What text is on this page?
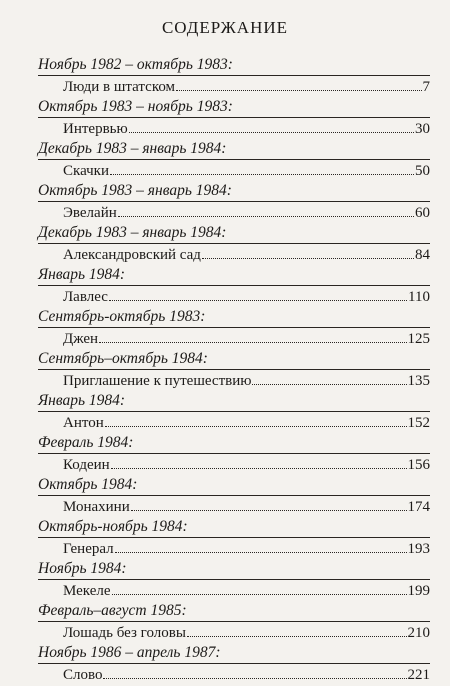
СОДЕРЖАНИЕ
Ноябрь 1982 – октябрь 1983:
Люди в штатском	7
Октябрь 1983 – ноябрь 1983:
Интервью	30
Декабрь 1983 – январь 1984:
Скачки	50
Октябрь 1983 – январь 1984:
Эвелайн	60
Декабрь 1983 – январь 1984:
Александровский сад	84
Январь 1984:
Лавлес	110
Сентябрь-октябрь 1983:
Джен	125
Сентябрь–октябрь 1984:
Приглашение к путешествию	135
Январь 1984:
Антон	152
Февраль 1984:
Кодеин	156
Октябрь 1984:
Монахини	174
Октябрь-ноябрь 1984:
Генерал	193
Ноябрь 1984:
Мекеле	199
Февраль–август 1985:
Лошадь без головы	210
Ноябрь 1986 – апрель 1987:
Слово	221
